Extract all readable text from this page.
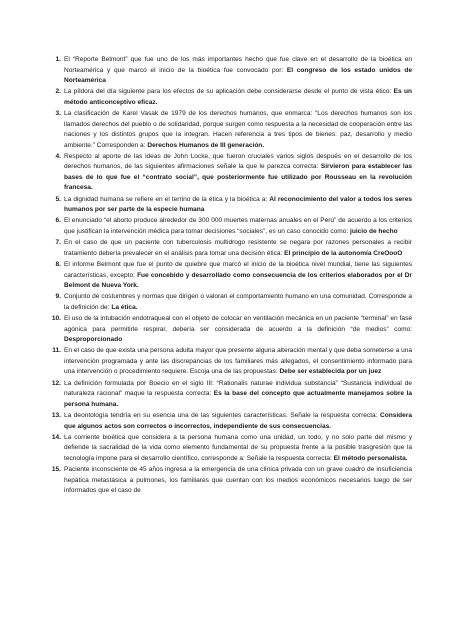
1. El “Reporte Belmont” que fue uno de los más importantes hecho que fue clave en el desarrollo de la bioética en Norteamérica y que marcó el inicio de la bioética fue convocado por: El congreso de los estado unidos de Norteamérica
2. La píldora del día siguiente para los efectos de su aplicación debe considerarse desde el punto de vista ético: Es un método anticonceptivo eficaz.
3. La clasificación de Karel Vasak de 1979 de los derechos humanos, que enmarca: “Los derechos humanos son los llamados derechos del pueblo o de solidaridad, porque surgen como respuesta a la necesidad de cooperación entre las naciones y los distintos grupos que la integran. Hacen referencia a tres tipos de bienes: paz, desarrollo y medio ambiente.” Corresponden a: Derechos Humanos de III generación.
4. Respecto al aporte de las ideas de John Locke, que fueron cruciales varios siglos después en el desarrollo de los derechos humanos, de las siguientes afirmaciones señale la que le parezca correcta: Sirvieron para establecer las bases de lo que fue el “contrato social”, que posteriormente fue utilizado por Rousseau en la revolución francesa.
5. La dignidad humana se refiere en el terrino de la ética y la bioética a: Al reconocimiento del valor a todos los seres humanos por ser parte de la especie humana
6. El enunciado “el aborto produce alrededor de 300 000 muertes maternas anuales en el Perú” de acuerdo a los criterios que justifican la intervención médica para tomar decisiones “sociales”, es un caso conocido como: juicio de hecho
7. En el caso de que un paciente con tuberculosis multidrogo resistente se negara por razones personales a recibir tratamiento debería prevalecer en el análisis para tomar una decisión ética: El principio de la autonomía CreOooO
8. El informe Belmont que fue el punto de quiebre que marcó el inicio de la bioética nivel mundial, tiene las siguientes características, excepto: Fue concebido y desarrollado como consecuencia de los criterios elaborados por el Dr Belmont de Nueva York.
9. Conjunto de costumbres y normas que dirigen o valoran el comportamiento humano en una comunidad. Corresponde a la definición de: La ética.
10. El uso de la intubación endotraqueal con el objeto de colocar en ventilación mecánica en un paciente “terminal” en fase agónica para permitirle respirar, debería ser considerada de acuerdo a la definición “de medios” como: Desproporcionado
11. En el caso de que exista una persona adulta mayor que presente alguna alteración mental y que deba someterse a una intervención programada y ante las discrepancias de los familiares más allegados, el consentimiento informado para una intervención o procedimiento requiere. Escoja una de las propuestas: Debe ser establecida por un juez
12. La definición formulada por Boecio en el siglo III: “Rationalis naturae individua substancia” “Sustancia individual de naturaleza racional” maque la respuesta correcta: Es la base del concepto que actualmente manejamos sobre la persona humana.
13. La deontología tendría en su esencia una de las siguientes características. Señale la respuesta correcta: Considera que algunos actos son correctos o incorrectos, independiente de sus consecuencias.
14. La corriente bioética que considera a la persona humana como una unidad, un todo, y no solo parte del mismo y defiende la sacralidad de la vida como elemento fundamental de su propuesta frente a la posible trasgresión que la tecnología impone para el desarrollo científico, corresponde a: Señale la respuesta correcta: El método personalista.
15. Paciente inconsciente de 45 años ingresa a la emergencia de una clínica privada con un grave cuadro de insuficiencia hepática metastásica a pulmones, los familiares que cuentan con los medios económicos necesarios luego de ser informados que el caso de
